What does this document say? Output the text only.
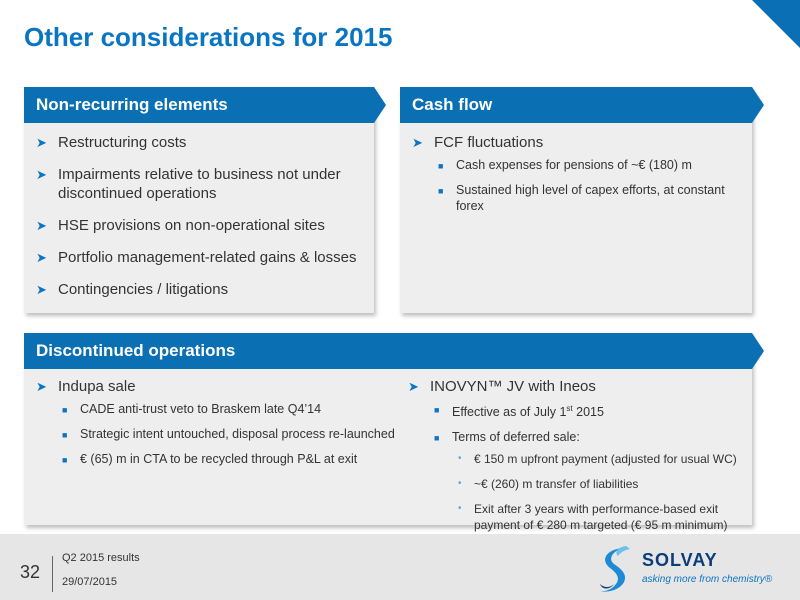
Other considerations for 2015
Non-recurring elements
➤ Restructuring costs
➤ Impairments relative to business not under discontinued operations
➤ HSE provisions on non-operational sites
➤ Portfolio management-related gains & losses
➤ Contingencies / litigations
Cash flow
➤ FCF fluctuations
■ Cash expenses for pensions of ~€ (180) m
■ Sustained high level of capex efforts, at constant forex
Discontinued operations
➤ Indupa sale
■ CADE anti-trust veto to Braskem late Q4’14
■ Strategic intent untouched, disposal process re-launched
■ € (65) m in CTA to be recycled through P&L at exit
➤ INOVYN™ JV with Ineos
■ Effective as of July 1st 2015
■ Terms of deferred sale:
• € 150 m upfront payment (adjusted for usual WC)
• ~€ (260) m transfer of liabilities
• Exit after 3 years with performance-based exit payment of € 280 m targeted (€ 95 m minimum)
32
Q2 2015 results
29/07/2015
SOLVAY
asking more from chemistry®
